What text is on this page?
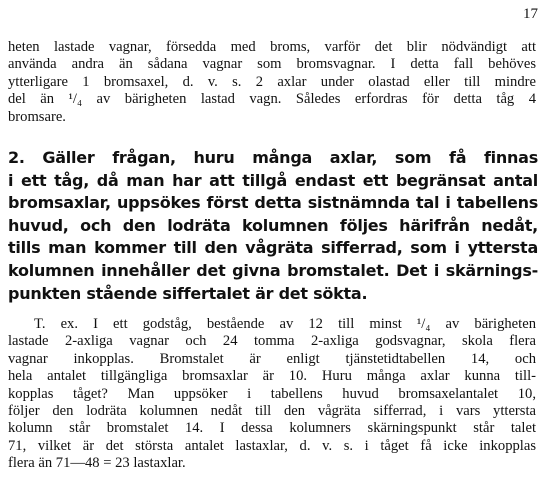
17
heten lastade vagnar, försedda med broms, varför det blir nödvändigt att
använda andra än sådana vagnar som bromsvagnar. I detta fall behöves
ytterligare 1 bromsaxel, d. v. s. 2 axlar under olastad eller till mindre
del än ¹/₄ av bärigheten lastad vagn. Således erfordras för detta tåg 4
bromsare.
2. Gäller frågan, huru många axlar, som få finnas
i ett tåg, då man har att tillgå endast ett begränsat antal
bromsaxlar, uppsökes först detta sistnämnda tal i tabellens
huvud, och den lodräta kolumnen följes härifrån nedåt,
tills man kommer till den vågräta sifferrad, som i yttersta
kolumnen innehåller det givna bromstalet. Det i skärnings-
punkten stående siffertalet är det sökta.
T. ex. I ett godståg, bestående av 12 till minst ¹/₄ av bärigheten
lastade 2-axliga vagnar och 24 tomma 2-axliga godsvagnar, skola flera
vagnar inkopplas. Bromstalet är enligt tjänstetidtabellen 14, och
hela antalet tillgängliga bromsaxlar är 10. Huru många axlar kunna till-
kopplas tåget? Man uppsöker i tabellens huvud bromsaxelantalet 10,
följer den lodräta kolumnen nedåt till den vågräta sifferrad, i vars yttersta
kolumn står bromstalet 14. I dessa kolumners skärningspunkt står talet
71, vilket är det största antalet lastaxlar, d. v. s. i tåget få icke inkopplas
flera än 71—48 = 23 lastaxlar.
